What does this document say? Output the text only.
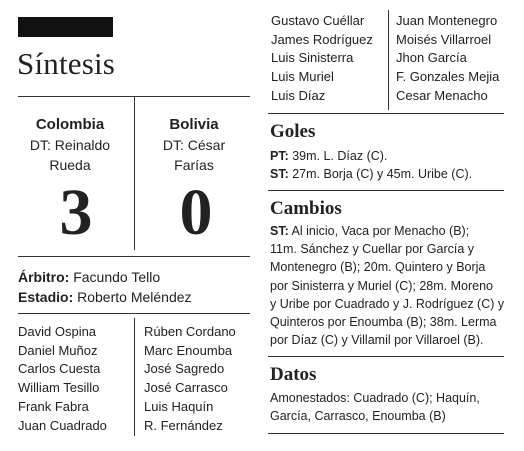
Síntesis
Colombia
DT: Reinaldo
Rueda
Bolivia
DT: César
Farías
3	0
Árbitro: Facundo Tello
Estadio: Roberto Meléndez
David Ospina
Daniel Muñoz
Carlos Cuesta
William Tesillo
Frank Fabra
Juan Cuadrado
Rúben Cordano
Marc Enoumba
José Sagredo
José Carrasco
Luis Haquín
R. Fernández
Gustavo Cuéllar
James Rodríguez
Luis Sinisterra
Luis Muriel
Luis Díaz
Juan Montenegro
Moisés Villarroel
Jhon García
F. Gonzales Mejia
Cesar Menacho
Goles
PT: 39m. L. Díaz (C).
ST: 27m. Borja (C) y 45m. Uribe (C).
Cambios
ST: Al inicio, Vaca por Menacho (B);
11m. Sánchez y Cuellar por García y
Montenegro (B); 20m. Quintero y Borja
por Sinisterra y Muriel (C); 28m. Moreno
y Uribe por Cuadrado y J. Rodríguez (C) y
Quinteros por Enoumba (B); 38m. Lerma
por Díaz (C) y Villamil por Villaroel (B).
Datos
Amonestados: Cuadrado (C); Haquín,
García, Carrasco, Enoumba (B)
